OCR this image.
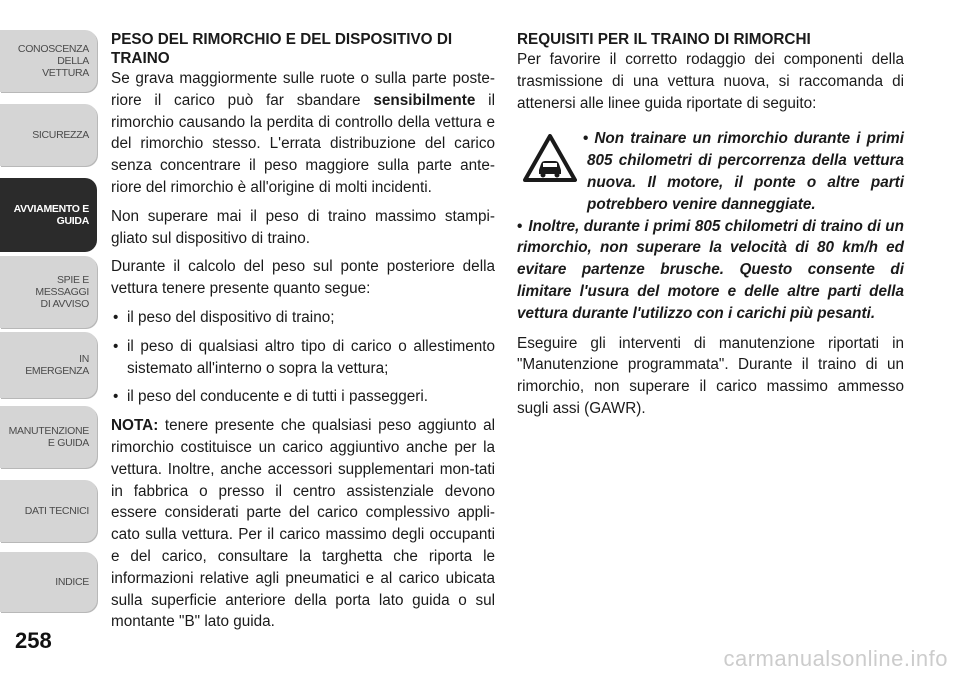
CONOSCENZA DELLA
VETTURA
SICUREZZA
AVVIAMENTO E
GUIDA
SPIE E
MESSAGGI
DI AVVISO
IN
EMERGENZA
MANUTENZIONE
E GUIDA
DATI TECNICI
INDICE
258
PESO DEL RIMORCHIO E DEL DISPOSITIVO DI TRAINO

Se grava maggiormente sulle ruote o sulla parte poste-riore il carico può far sbandare sensibilmente il rimorchio causando la perdita di controllo della vettura e del rimorchio stesso. L'errata distribuzione del carico senza concentrare il peso maggiore sulla parte ante-riore del rimorchio è all'origine di molti incidenti.

Non superare mai il peso di traino massimo stampi-gliato sul dispositivo di traino.

Durante il calcolo del peso sul ponte posteriore della vettura tenere presente quanto segue:

• il peso del dispositivo di traino;
• il peso di qualsiasi altro tipo di carico o allestimento sistemato all'interno o sopra la vettura;
• il peso del conducente e di tutti i passeggeri.

NOTA: tenere presente che qualsiasi peso aggiunto al rimorchio costituisce un carico aggiuntivo anche per la vettura. Inoltre, anche accessori supplementari mon-tati in fabbrica o presso il centro assistenziale devono essere considerati parte del carico complessivo appli-cato sulla vettura. Per il carico massimo degli occupanti e del carico, consultare la targhetta che riporta le informazioni relative agli pneumatici e al carico ubicata sulla superficie anteriore della porta lato guida o sul montante "B" lato guida.

REQUISITI PER IL TRAINO DI RIMORCHI

Per favorire il corretto rodaggio dei componenti della trasmissione di una vettura nuova, si raccomanda di attenersi alle linee guida riportate di seguito:

• Non trainare un rimorchio durante i primi 805 chilometri di percorrenza della vettura nuova. Il motore, il ponte o altre parti potrebbero venire danneggiate.

• Inoltre, durante i primi 805 chilometri di traino di un rimorchio, non superare la velocità di 80 km/h ed evitare partenze brusche. Questo consente di limitare l'usura del motore e delle altre parti della vettura durante l'utilizzo con i carichi più pesanti.

Eseguire gli interventi di manutenzione riportati in "Manutenzione programmata". Durante il traino di un rimorchio, non superare il carico massimo ammesso sugli assi (GAWR).

carmanualsonline.info
